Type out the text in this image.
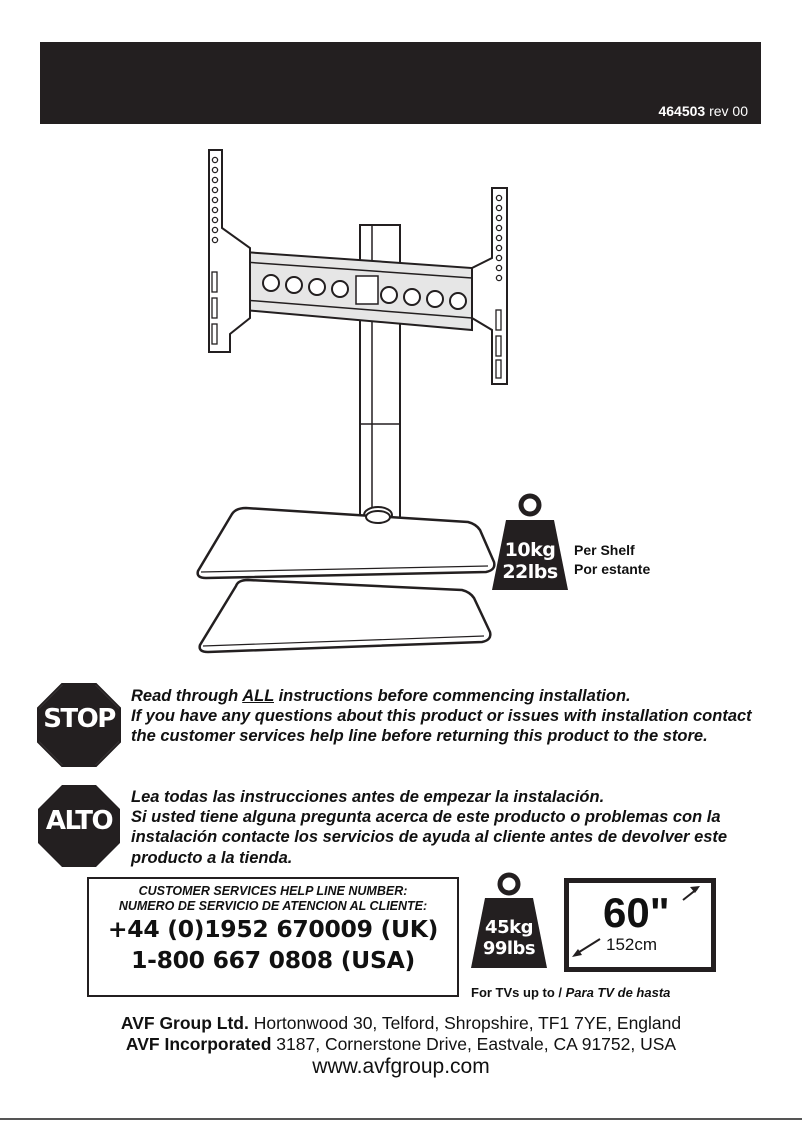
464503 rev 00
10kg
22lbs
Per Shelf
Por estante
STOP
ALTO
Read through ALL instructions before commencing installation.
If you have any questions about this product or issues with installation contact the customer services help line before returning this product to the store.
Lea todas las instrucciones antes de empezar la instalación.
Si usted tiene alguna pregunta acerca de este producto o problemas con la instalación contacte los servicios de ayuda al cliente antes de devolver este producto a la tienda.
CUSTOMER SERVICES HELP LINE NUMBER:
NUMERO DE SERVICIO DE ATENCION AL CLIENTE:
+44 (0)1952 670009 (UK)
1-800 667 0808 (USA)
45kg
99lbs
60"
152cm
For TVs up to / Para TV de hasta
AVF Group Ltd. Hortonwood 30, Telford, Shropshire, TF1 7YE, England
AVF Incorporated 3187, Cornerstone Drive, Eastvale, CA 91752, USA
www.avfgroup.com
